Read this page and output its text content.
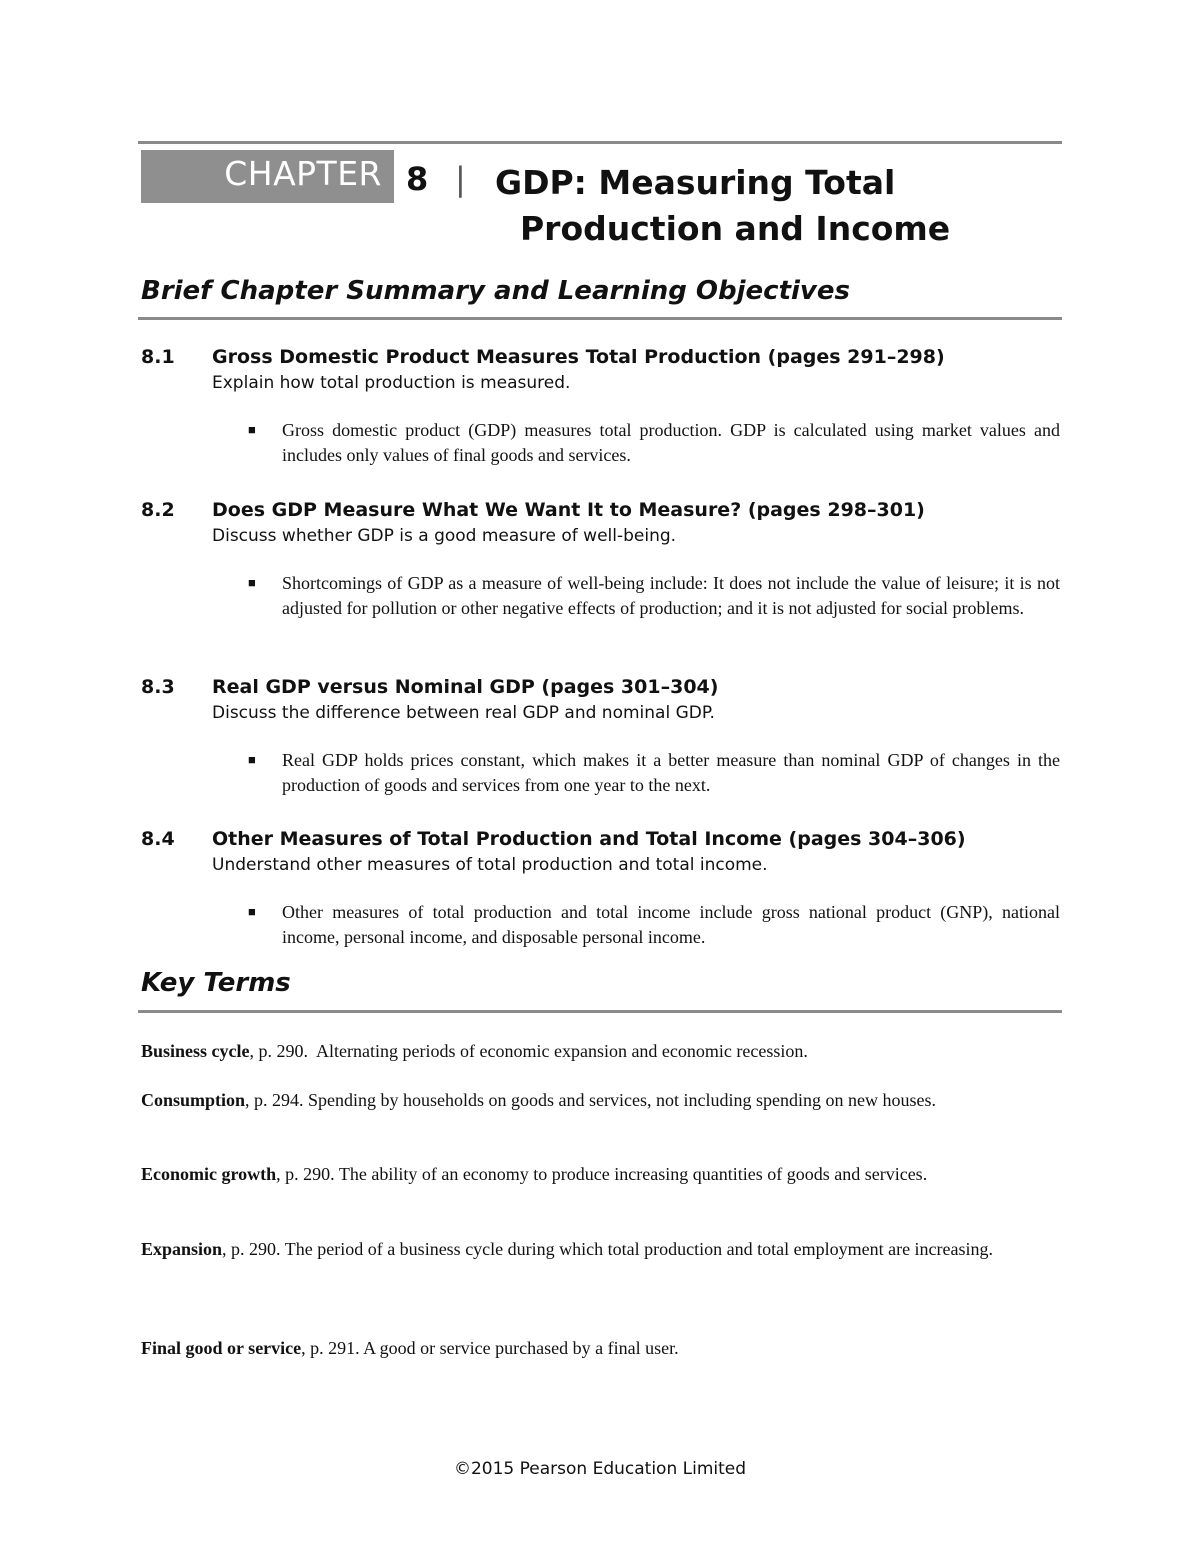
CHAPTER 8 | GDP: Measuring Total
Production and Income
Brief Chapter Summary and Learning Objectives
8.1 Gross Domestic Product Measures Total Production (pages 291–298)
Explain how total production is measured.
■ Gross domestic product (GDP) measures total production. GDP is calculated using market values and includes only values of final goods and services.
8.2 Does GDP Measure What We Want It to Measure? (pages 298–301)
Discuss whether GDP is a good measure of well-being.
■ Shortcomings of GDP as a measure of well-being include: It does not include the value of leisure; it is not adjusted for pollution or other negative effects of production; and it is not adjusted for social problems.
8.3 Real GDP versus Nominal GDP (pages 301–304)
Discuss the difference between real GDP and nominal GDP.
■ Real GDP holds prices constant, which makes it a better measure than nominal GDP of changes in the production of goods and services from one year to the next.
8.4 Other Measures of Total Production and Total Income (pages 304–306)
Understand other measures of total production and total income.
■ Other measures of total production and total income include gross national product (GNP), national income, personal income, and disposable personal income.
Key Terms
Business cycle, p. 290.  Alternating periods of economic expansion and economic recession.
Consumption, p. 294. Spending by households on goods and services, not including spending on new houses.
Economic growth, p. 290. The ability of an economy to produce increasing quantities of goods and services.
Expansion, p. 290. The period of a business cycle during which total production and total employment are increasing.
Final good or service, p. 291. A good or service purchased by a final user.
©2015 Pearson Education Limited
